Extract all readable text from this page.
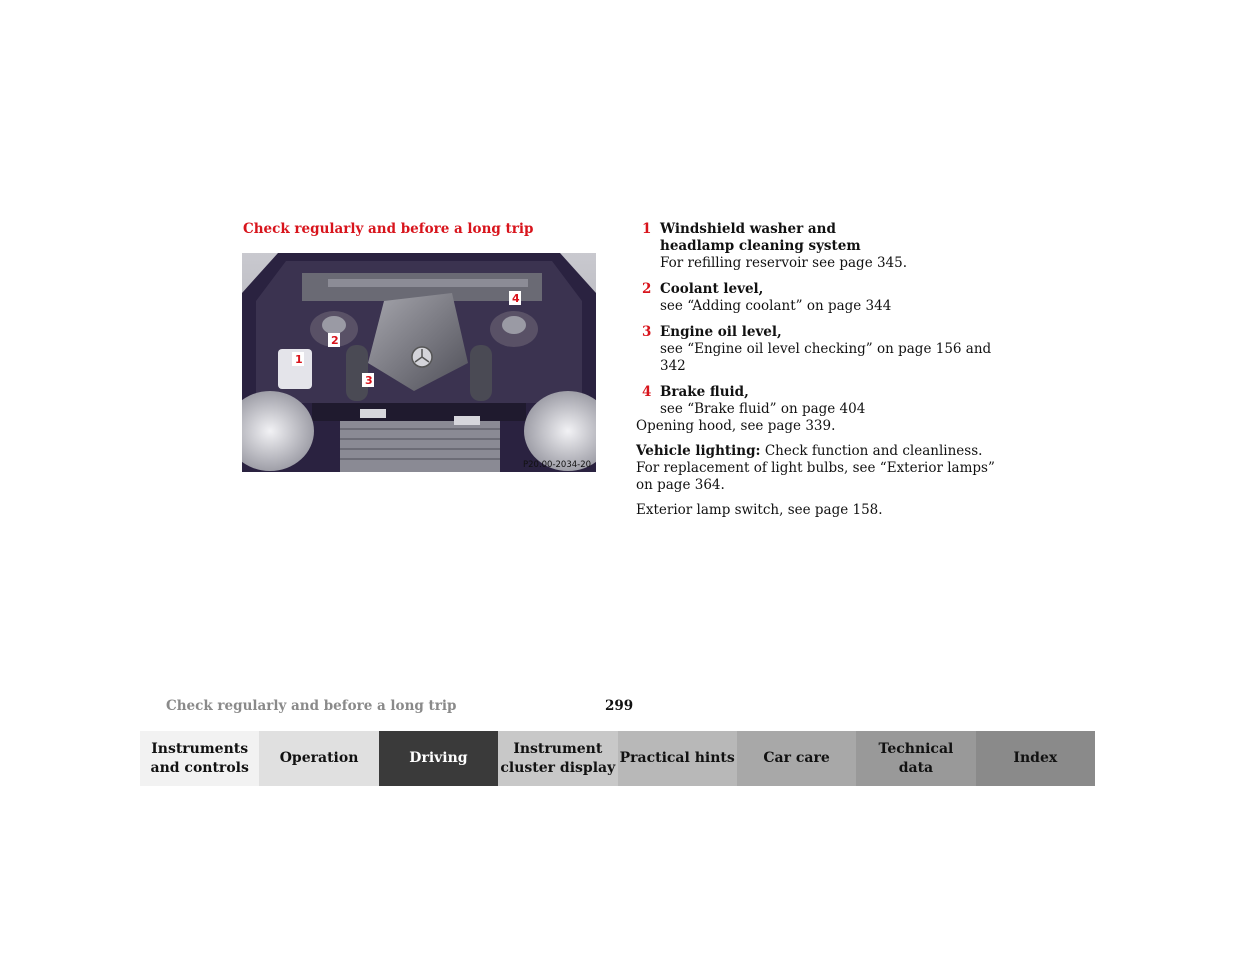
Check regularly and before a long trip
1
2
3
4
P20.00-2034-20
1 Windshield washer and
headlamp cleaning system
For refilling reservoir see page 345.
2 Coolant level,
see “Adding coolant” on page 344
3 Engine oil level,
see “Engine oil level checking” on page 156 and 342
4 Brake fluid,
see “Brake fluid” on page 404

Opening hood, see page 339.

Vehicle lighting: Check function and cleanliness. For replacement of light bulbs, see “Exterior lamps” on page 364.

Exterior lamp switch, see page 158.

Check regularly and before a long trip	299
Instruments
and controls
Operation	Driving
Instrument
cluster display
Practical hints Car care
Technical
data
Index
